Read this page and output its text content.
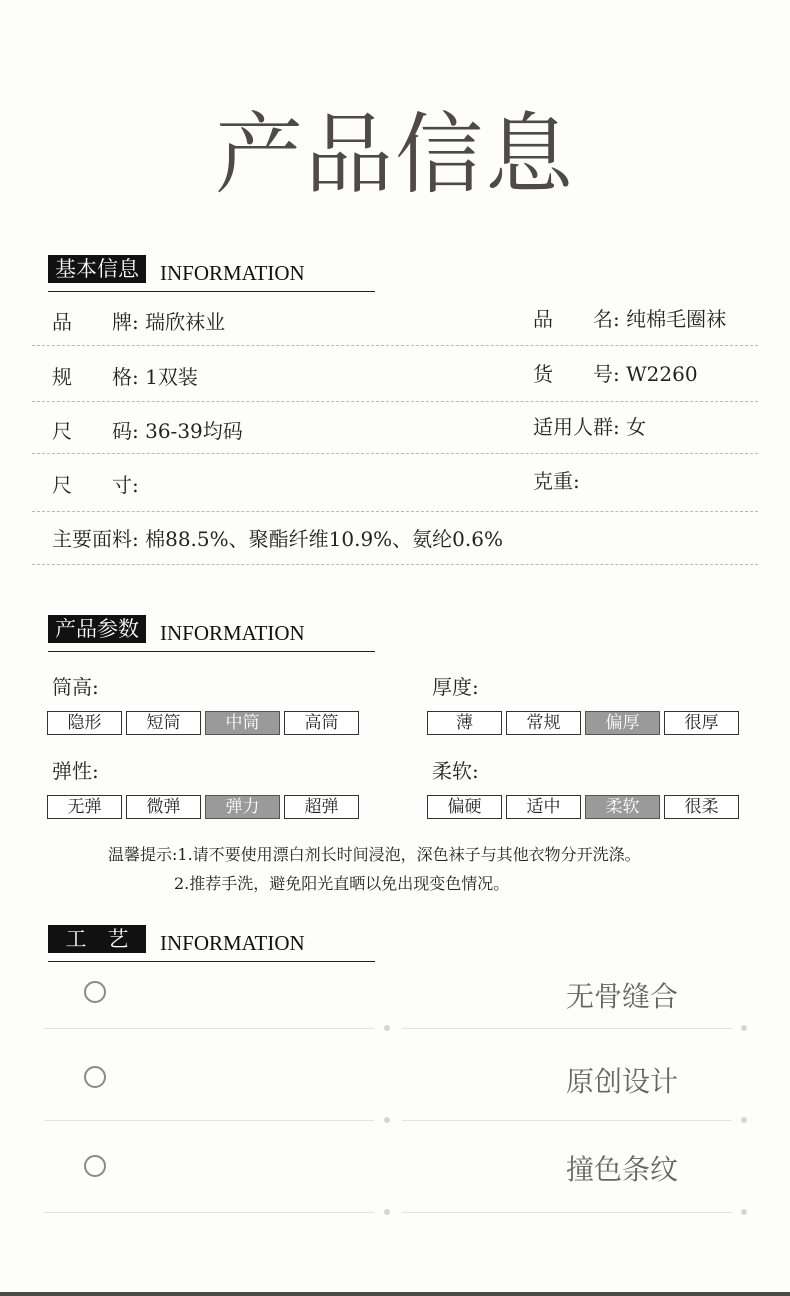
产品信息
基本信息	INFORMATION
品 牌: 瑞欣袜业	品 名: 纯棉毛圈袜
规 格: 1双装	货 号: W2260
尺 码: 36-39均码	适用人群: 女
尺 寸:	克重:
主要面料: 棉88.5%、聚酯纤维10.9%、氨纶0.6%
产品参数	INFORMATION
筒高:
隐形	短筒	中筒	高筒
厚度:
薄	常规	偏厚	很厚
弹性:
无弹	微弹	弹力	超弹
柔软:
偏硬	适中	柔软	很柔
温馨提示:1.请不要使用漂白剂长时间浸泡，深色袜子与其他衣物分开洗涤。
2.推荐手洗，避免阳光直晒以免出现变色情况。
工　艺	INFORMATION
无骨缝合
原创设计
撞色条纹
